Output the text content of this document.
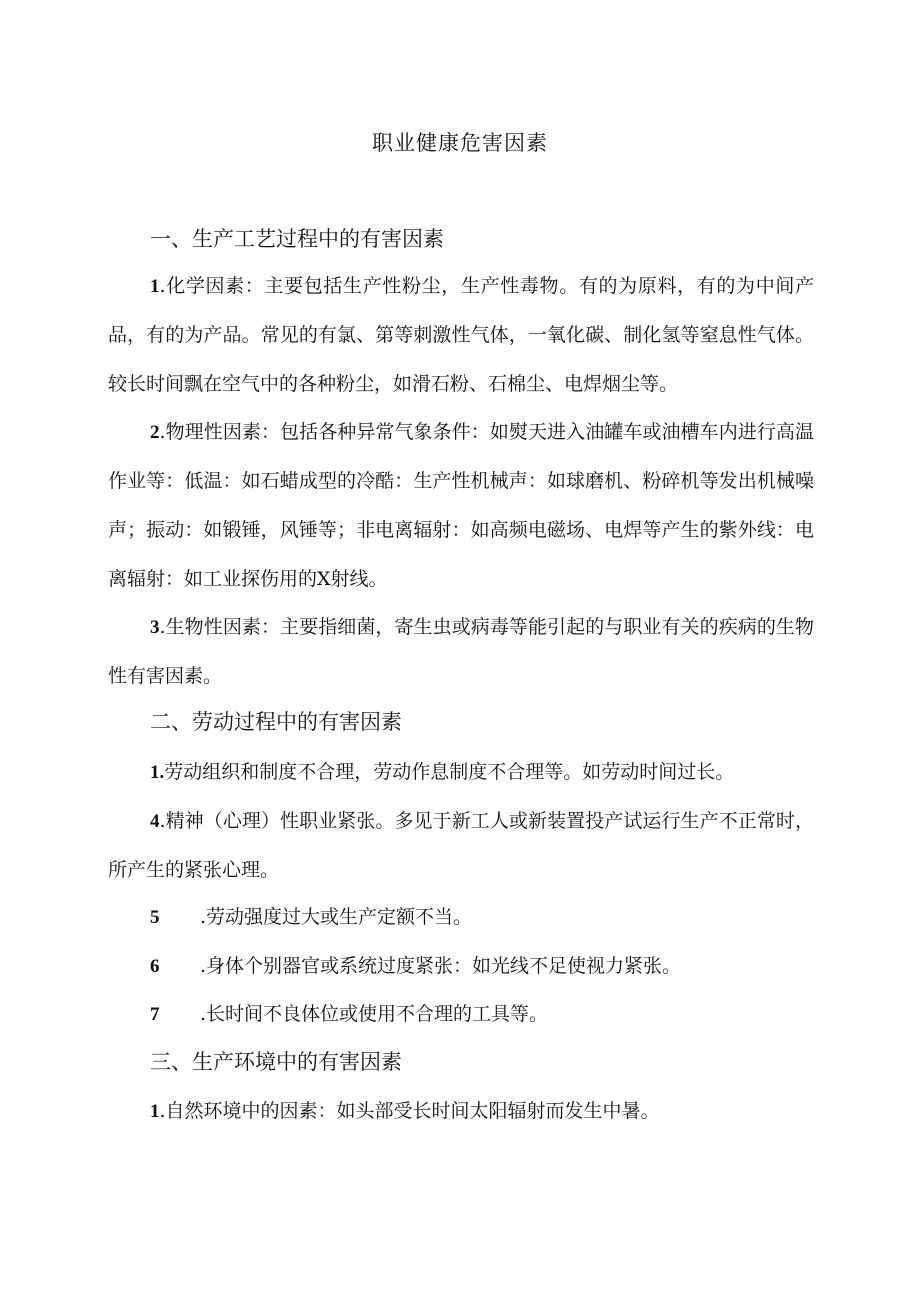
职业健康危害因素
一、生产工艺过程中的有害因素

1.化学因素：主要包括生产性粉尘，生产性毒物。有的为原料，有的为中间产品，有的为产品。常见的有氯、第等刺激性气体，一氧化碳、制化氢等窒息性气体。较长时间飘在空气中的各种粉尘，如滑石粉、石棉尘、电焊烟尘等。

2.物理性因素：包括各种异常气象条件：如熨天进入油罐车或油槽车内进行高温作业等：低温：如石蜡成型的冷酷：生产性机械声：如球磨机、粉碎机等发出机械噪声；振动：如锻锤，风锤等；非电离辐射：如高频电磁场、电焊等产生的紫外线：电离辐射：如工业探伤用的X射线。

3.生物性因素：主要指细菌，寄生虫或病毒等能引起的与职业有关的疾病的生物性有害因素。

二、劳动过程中的有害因素

1.劳动组织和制度不合理，劳动作息制度不合理等。如劳动时间过长。

4.精神（心理）性职业紧张。多见于新工人或新装置投产试运行生产不正常时，所产生的紧张心理。

5 .劳动强度过大或生产定额不当。
6 .身体个别器官或系统过度紧张：如光线不足使视力紧张。
7 .长时间不良体位或使用不合理的工具等。
三、生产环境中的有害因素

1.自然环境中的因素：如头部受长时间太阳辐射而发生中暑。
